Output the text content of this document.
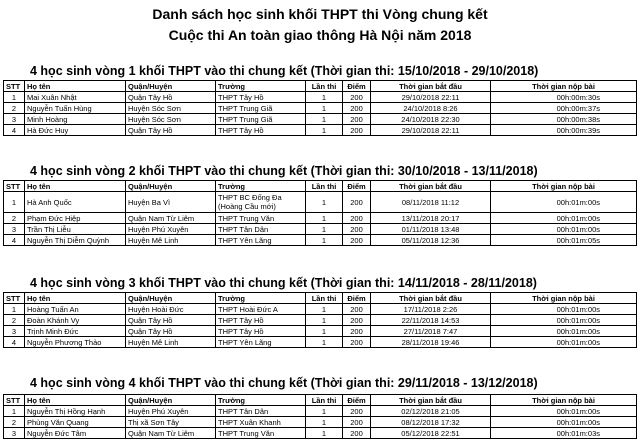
Danh sách học sinh khối THPT thi Vòng chung kết
Cuộc thi An toàn giao thông Hà Nội năm 2018
4 học sinh vòng 1 khối THPT vào thi chung kết (Thời gian thi: 15/10/2018 - 29/10/2018)
STT	Họ tên	Quận/Huyện	Trường	Lần thi	Điểm	Thời gian bắt đầu	Thời gian nộp bài
1	Mai Xuân Nhật	Quận Tây Hồ	THPT Tây Hồ	1	200	29/10/2018 22:11	00h:00m:30s
2	Nguyễn Tuấn Hùng	Huyện Sóc Sơn	THPT Trung Giã	1	200	24/10/2018 8:26	00h:00m:37s
3	Minh Hoàng	Huyện Sóc Sơn	THPT Trung Giã	1	200	24/10/2018 22:30	00h:00m:38s
4	Hà Đức Huy	Quận Tây Hồ	THPT Tây Hồ	1	200	29/10/2018 22:11	00h:00m:39s
4 học sinh vòng 2 khối THPT vào thi chung kết (Thời gian thi: 30/10/2018 - 13/11/2018)
STT	Họ tên	Quận/Huyện	Trường	Lần thi	Điểm	Thời gian bắt đầu	Thời gian nộp bài
1	Hà Anh Quốc	Huyện Ba Vì	THPT BC Đống Đa (Hoàng Cầu mới)	1	200	08/11/2018 11:12	00h:01m:00s
2	Phạm Đức Hiệp	Quận Nam Từ Liêm	THPT Trung Văn	1	200	13/11/2018 20:17	00h:01m:00s
3	Trần Thị Liễu	Huyện Phú Xuyên	THPT Tân Dân	1	200	01/11/2018 13:48	00h:01m:00s
4	Nguyễn Thị Diễm Quỳnh	Huyện Mê Linh	THPT Yên Lãng	1	200	05/11/2018 12:36	00h:01m:05s
4 học sinh vòng 3 khối THPT vào thi chung kết (Thời gian thi: 14/11/2018 - 28/11/2018)
STT	Họ tên	Quận/Huyện	Trường	Lần thi	Điểm	Thời gian bắt đầu	Thời gian nộp bài
1	Hoàng Tuấn An	Huyện Hoài Đức	THPT Hoài Đức A	1	200	17/11/2018 2:26	00h:01m:00s
2	Đoàn Khánh Vy	Quận Tây Hồ	THPT Tây Hồ	1	200	22/11/2018 14:53	00h:01m:00s
3	Trịnh Minh Đức	Quận Tây Hồ	THPT Tây Hồ	1	200	27/11/2018 7:47	00h:01m:00s
4	Nguyễn Phương Thảo	Huyện Mê Linh	THPT Yên Lãng	1	200	28/11/2018 19:46	00h:01m:00s
4 học sinh vòng 4 khối THPT vào thi chung kết (Thời gian thi: 29/11/2018 - 13/12/2018)
STT	Họ tên	Quận/Huyện	Trường	Lần thi	Điểm	Thời gian bắt đầu	Thời gian nộp bài
1	Nguyễn Thị Hồng Hạnh	Huyện Phú Xuyên	THPT Tân Dân	1	200	02/12/2018 21:05	00h:01m:00s
2	Phùng Văn Quang	Thị xã Sơn Tây	THPT Xuân Khanh	1	200	08/12/2018 17:32	00h:01m:00s
3	Nguyễn Đức Tâm	Quận Nam Từ Liêm	THPT Trung Văn	1	200	05/12/2018 22:51	00h:01m:03s
